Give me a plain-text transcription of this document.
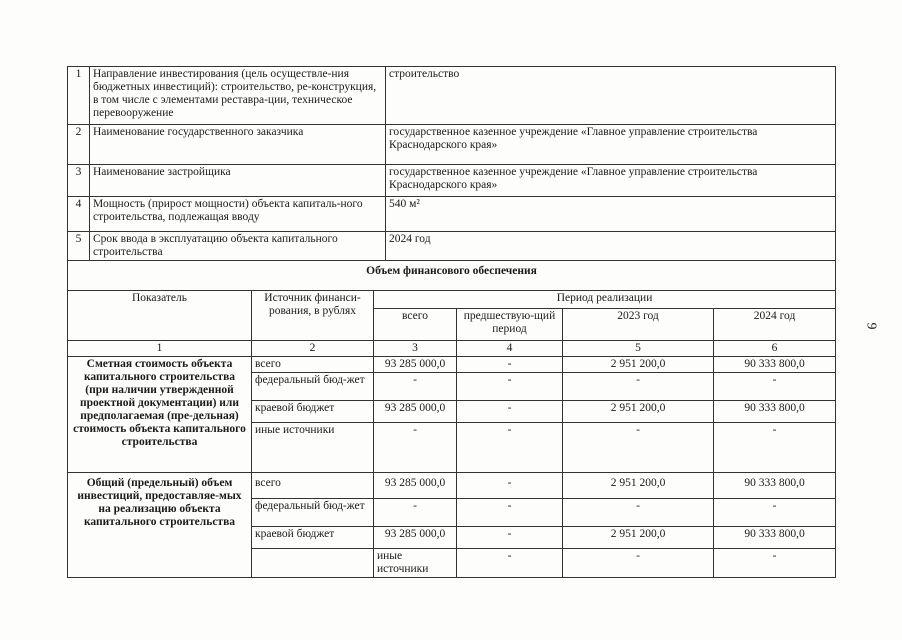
1	Направление инвестирования (цель осуществле-ния бюджетных инвестиций): строительство, ре-конструкция, в том числе с элементами реставра-ции, техническое перевооружение	строительство
2	Наименование государственного заказчика	государственное казенное учреждение «Главное управление строительства Краснодарского края»
3	Наименование застройщика	государственное казенное учреждение «Главное управление строительства Краснодарского края»
4	Мощность (прирост мощности) объекта капиталь-ного строительства, подлежащая вводу	540 м²
5	Срок ввода в эксплуатацию объекта капитального строительства	2024 год
Объем финансового обеспечения		
Показатель	Источник финанси-рования, в рублях	Период реализации				
		всего	предшествую-щий период	2023 год	2024 год	
1	2	3	4	5	6	
Сметная стоимость объекта капитального строительства (при наличии утвержденной проектной документации) или предполагаемая (пре-дельная) стоимость объекта капитального строительства	всего	93 285 000,0	-	2 951 200,0	90 333 800,0	
	федеральный бюд-жет	-	-	-	-	
	краевой бюджет	93 285 000,0	-	2 951 200,0	90 333 800,0	
	иные источники	-	-	-	-	
Общий (предельный) объем инвестиций, предоставляе-мых на реализацию объекта капитального строительства	всего	93 285 000,0	-	2 951 200,0	90 333 800,0	
	федеральный бюд-жет	-	-	-	-	
	краевой бюджет	93 285 000,0	-	2 951 200,0	90 333 800,0	
		иные источники	-	-	-	
9
